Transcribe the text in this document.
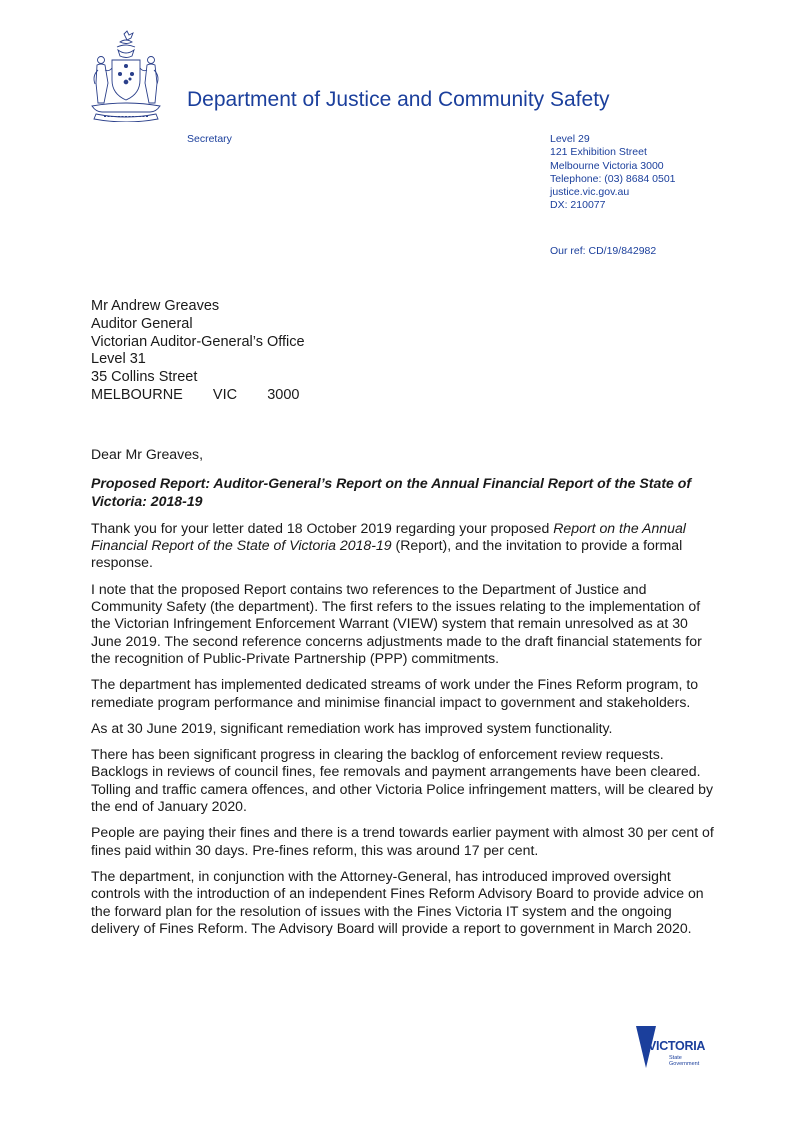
Department of Justice and Community Safety
Secretary	Level 29
121 Exhibition Street
Melbourne Victoria 3000
Telephone: (03) 8684 0501
justice.vic.gov.au
DX: 210077
Our ref: CD/19/842982
Mr Andrew Greaves
Auditor General
Victorian Auditor-General’s Office
Level 31
35 Collins Street
MELBOURNE   VIC   3000

Dear Mr Greaves,

Proposed Report: Auditor-General’s Report on the Annual Financial Report of the State of Victoria: 2018-19

Thank you for your letter dated 18 October 2019 regarding your proposed Report on the Annual Financial Report of the State of Victoria 2018-19 (Report), and the invitation to provide a formal response.

I note that the proposed Report contains two references to the Department of Justice and Community Safety (the department). The first refers to the issues relating to the implementation of the Victorian Infringement Enforcement Warrant (VIEW) system that remain unresolved as at 30 June 2019. The second reference concerns adjustments made to the draft financial statements for the recognition of Public-Private Partnership (PPP) commitments.

The department has implemented dedicated streams of work under the Fines Reform program, to remediate program performance and minimise financial impact to government and stakeholders.

As at 30 June 2019, significant remediation work has improved system functionality.

There has been significant progress in clearing the backlog of enforcement review requests. Backlogs in reviews of council fines, fee removals and payment arrangements have been cleared. Tolling and traffic camera offences, and other Victoria Police infringement matters, will be cleared by the end of January 2020.

People are paying their fines and there is a trend towards earlier payment with almost 30 per cent of fines paid within 30 days. Pre-fines reform, this was around 17 per cent.

The department, in conjunction with the Attorney-General, has introduced improved oversight controls with the introduction of an independent Fines Reform Advisory Board to provide advice on the forward plan for the resolution of issues with the Fines Victoria IT system and the ongoing delivery of Fines Reform. The Advisory Board will provide a report to government in March 2020.

VICTORIA
State
Government
